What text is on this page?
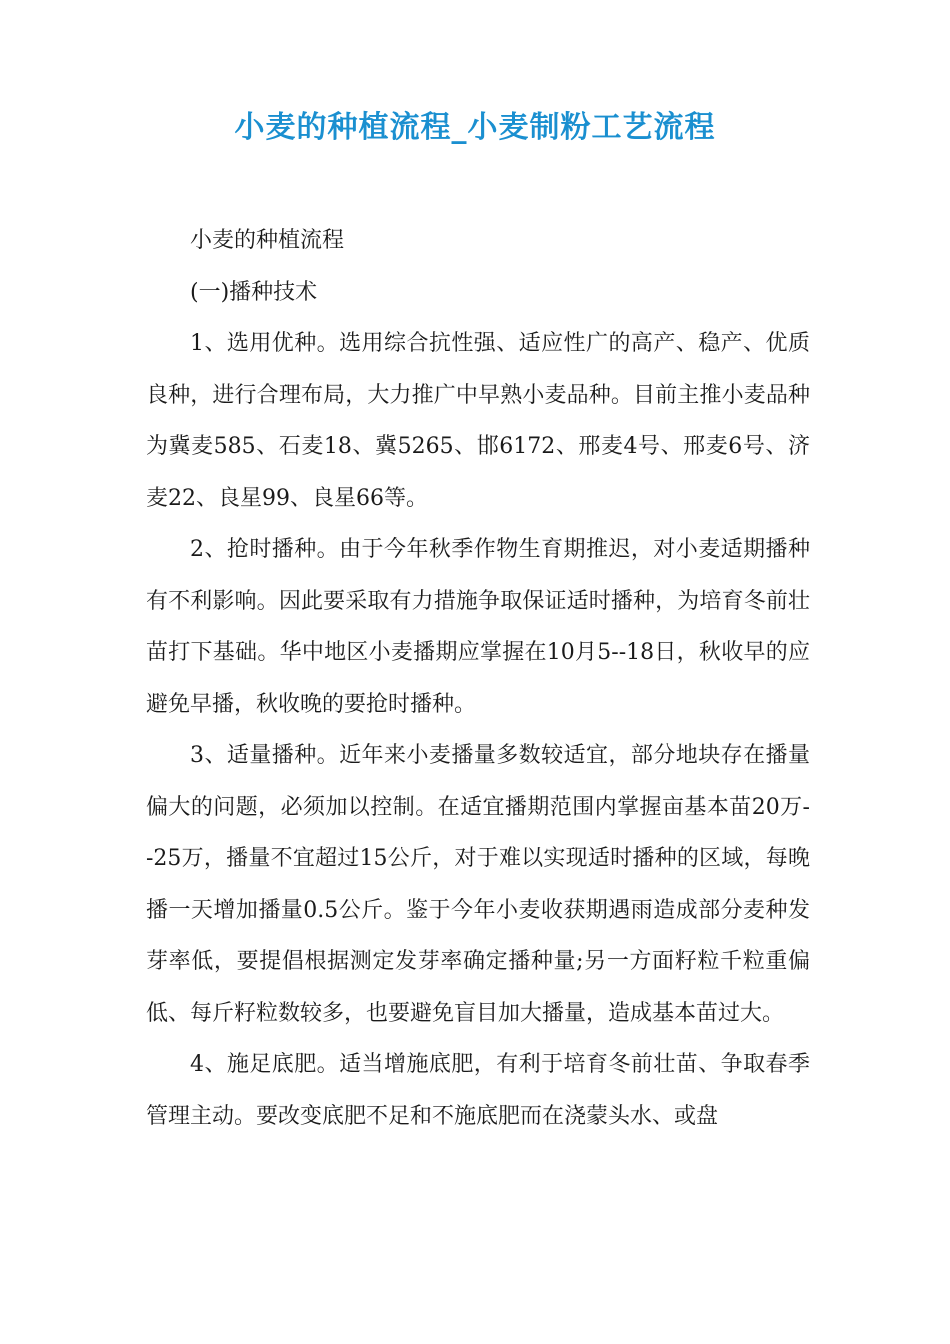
小麦的种植流程_小麦制粉工艺流程

小麦的种植流程

(一)播种技术

1、选用优种。选用综合抗性强、适应性广的高产、稳产、优质良种，进行合理布局，大力推广中早熟小麦品种。目前主推小麦品种为冀麦585、石麦18、冀5265、邯6172、邢麦4号、邢麦6号、济麦22、良星99、良星66等。

2、抢时播种。由于今年秋季作物生育期推迟，对小麦适期播种有不利影响。因此要采取有力措施争取保证适时播种，为培育冬前壮苗打下基础。华中地区小麦播期应掌握在10月5--18日，秋收早的应避免早播，秋收晚的要抢时播种。

3、适量播种。近年来小麦播量多数较适宜，部分地块存在播量偏大的问题，必须加以控制。在适宜播期范围内掌握亩基本苗20万--25万，播量不宜超过15公斤，对于难以实现适时播种的区域，每晚播一天增加播量0.5公斤。鉴于今年小麦收获期遇雨造成部分麦种发芽率低，要提倡根据测定发芽率确定播种量;另一方面籽粒千粒重偏低、每斤籽粒数较多，也要避免盲目加大播量，造成基本苗过大。

4、施足底肥。适当增施底肥，有利于培育冬前壮苗、争取春季管理主动。要改变底肥不足和不施底肥而在浇蒙头水、或盘
